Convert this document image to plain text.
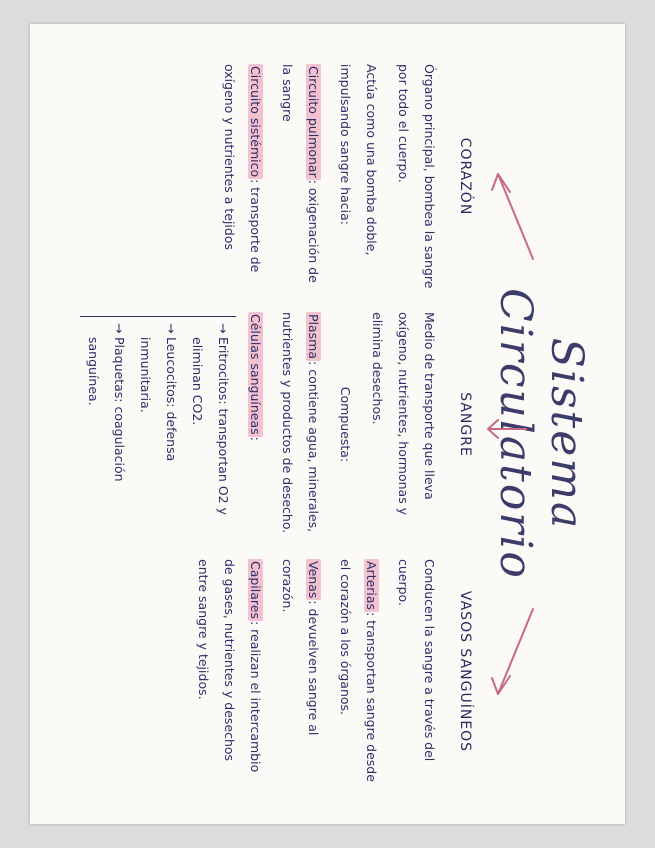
Sistema Circulatorio
CORAZÓN

Órgano principal, bombea la sangre por todo el cuerpo.

Actúa como una bomba doble, impulsando sangre hacia:

Circuito pulmonar: oxigenación de la sangre

Circuito sistémico: transporte de oxígeno y nutrientes a tejidos

SANGRE

Medio de transporte que lleva oxígeno, nutrientes, hormonas y elimina desechos.

Compuesta:

Plasma: contiene agua, minerales, nutrientes y productos de desecho.

Células sanguíneas:

→ Eritrocitos: transportan O2 y eliminan CO2.
→ Leucocitos: defensa inmunitaria.
→ Plaquetas: coagulación sanguínea.
VASOS SANGUÍNEOS

Conducen la sangre a través del cuerpo.

Arterias: transportan sangre desde el corazón a los órganos.

Venas: devuelven sangre al corazón.

Capilares: realizan el intercambio de gases, nutrientes y desechos entre sangre y tejidos.
